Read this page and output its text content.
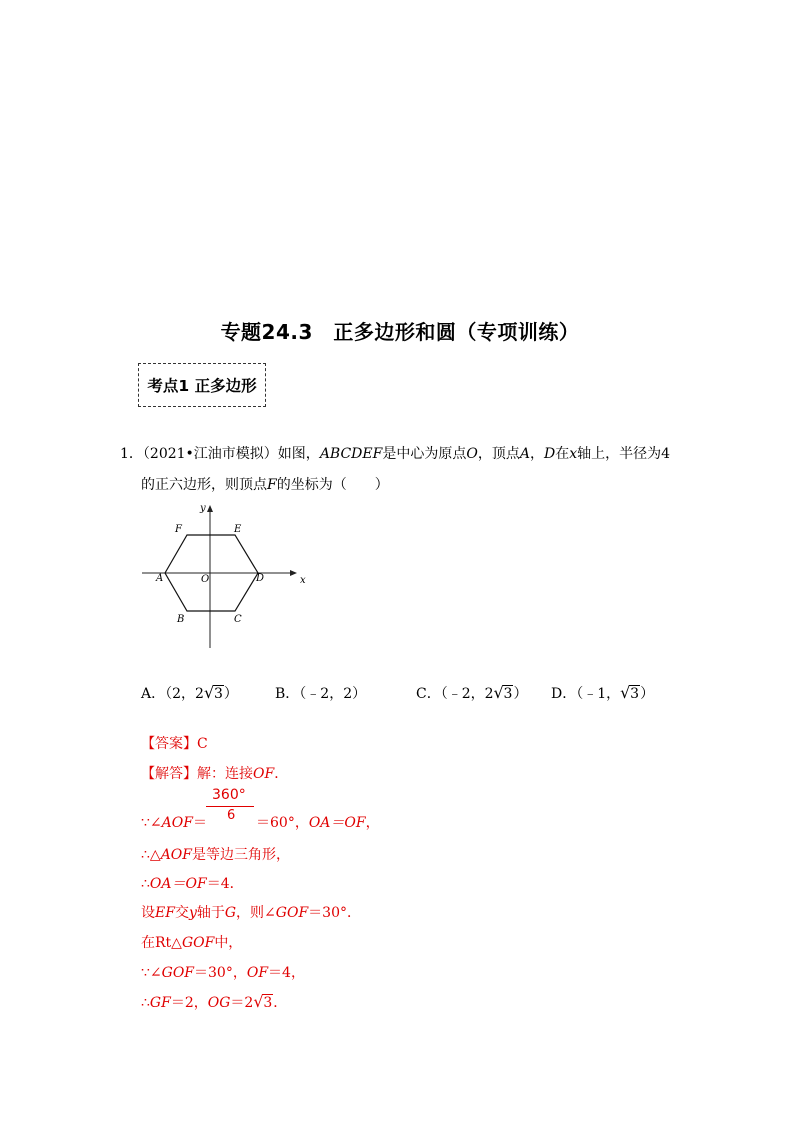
专题24.3　正多边形和圆（专项训练）
考点1 正多边形
1．（2021•江油市模拟）如图，ABCDEF是中心为原点O，顶点A，D在x轴上，半径为4
的正六边形，则顶点F的坐标为（　　）
x
y
A
B	C
D
E
F
O
A．（2，2 √ 3）	B．（﹣2，2）	C．（﹣2，2 √ 3） D．（﹣1， √ 3）
【答案】C
【解答】解：连接OF．
360°
6
∵∠AOF＝	＝60°，OA＝OF，
∴△AOF是等边三角形，
∴OA＝OF＝4．
设EF交y轴于G，则∠GOF＝30°．
在Rt△GOF中，
∵∠GOF＝30°，OF＝4，
∴GF＝2，OG＝2 √ 3．
